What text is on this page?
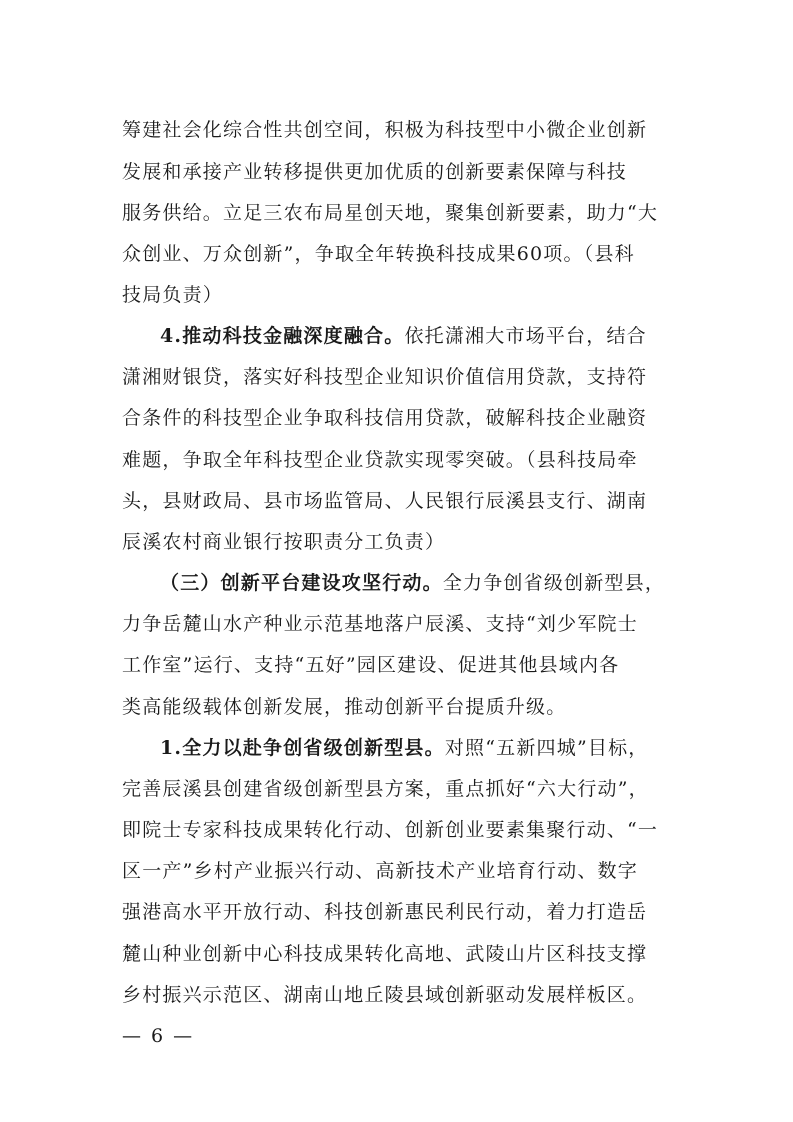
筹建社会化综合性共创空间，积极为科技型中小微企业创新
发展和承接产业转移提供更加优质的创新要素保障与科技
服务供给。立足三农布局星创天地，聚集创新要素，助力“大
众创业、万众创新”，争取全年转换科技成果60项。（县科
技局负责）
4.推动科技金融深度融合。依托潇湘大市场平台，结合
潇湘财银贷，落实好科技型企业知识价值信用贷款，支持符
合条件的科技型企业争取科技信用贷款，破解科技企业融资
难题，争取全年科技型企业贷款实现零突破。（县科技局牵
头，县财政局、县市场监管局、人民银行辰溪县支行、湖南
辰溪农村商业银行按职责分工负责）
（三）创新平台建设攻坚行动。全力争创省级创新型县，
力争岳麓山水产种业示范基地落户辰溪、支持“刘少军院士
工作室”运行、支持“五好”园区建设、促进其他县域内各
类高能级载体创新发展，推动创新平台提质升级。
1.全力以赴争创省级创新型县。对照“五新四城”目标，
完善辰溪县创建省级创新型县方案，重点抓好“六大行动”，
即院士专家科技成果转化行动、创新创业要素集聚行动、“一
区一产”乡村产业振兴行动、高新技术产业培育行动、数字
强港高水平开放行动、科技创新惠民利民行动，着力打造岳
麓山种业创新中心科技成果转化高地、武陵山片区科技支撑
乡村振兴示范区、湖南山地丘陵县域创新驱动发展样板区。
— 6 —
